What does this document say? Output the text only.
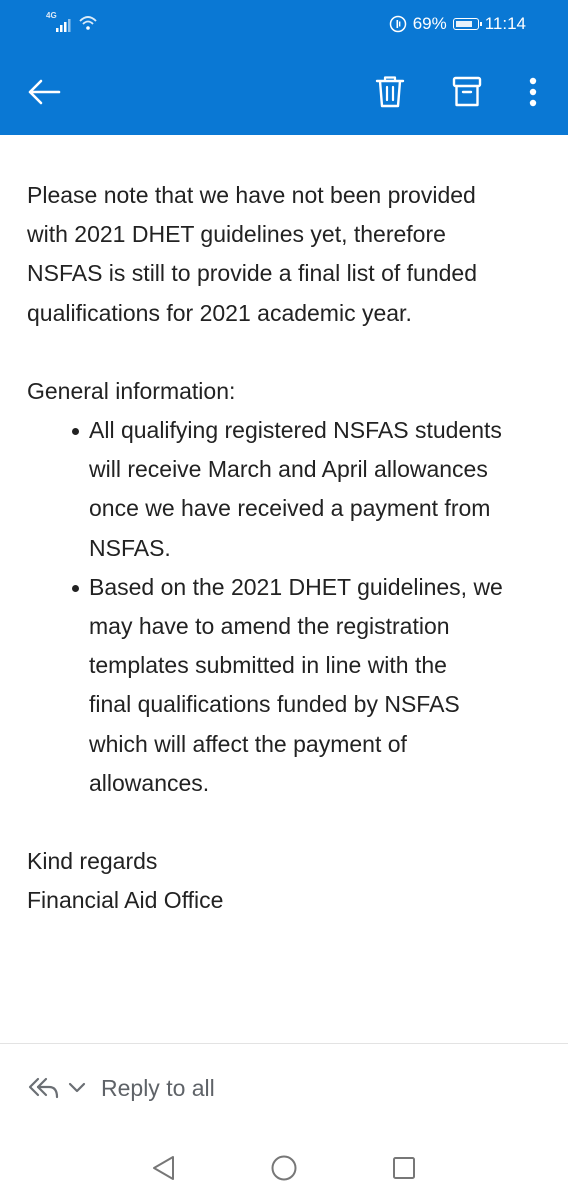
4G	69% 11:14

Please note that we have not been provided
with 2021 DHET guidelines yet, therefore
NSFAS is still to provide a final list of funded
qualifications for 2021 academic year.

General information:

All qualifying registered NSFAS students
will receive March and April allowances
once we have received a payment from
NSFAS.
Based on the 2021 DHET guidelines, we
may have to amend the registration
templates submitted in line with the
final qualifications funded by NSFAS
which will affect the payment of
allowances.

Kind regards

Financial Aid Office

Reply to all
